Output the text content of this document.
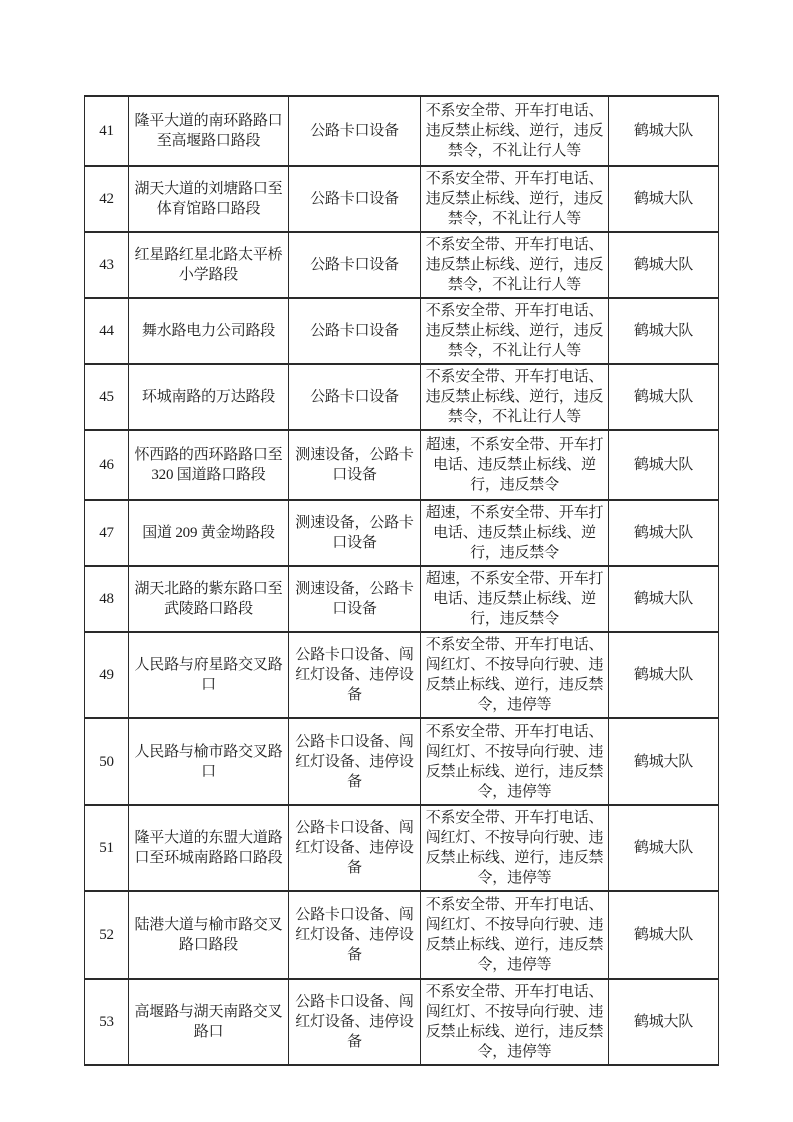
41	隆平大道的南环路路口至高堰路口路段	公路卡口设备	不系安全带、开车打电话、违反禁止标线、逆行，违反禁令，不礼让行人等	鹤城大队
42	湖天大道的刘塘路口至体育馆路口路段	公路卡口设备	不系安全带、开车打电话、违反禁止标线、逆行，违反禁令，不礼让行人等	鹤城大队
43	红星路红星北路太平桥小学路段	公路卡口设备	不系安全带、开车打电话、违反禁止标线、逆行，违反禁令，不礼让行人等	鹤城大队
44	舞水路电力公司路段	公路卡口设备	不系安全带、开车打电话、违反禁止标线、逆行，违反禁令，不礼让行人等	鹤城大队
45	环城南路的万达路段	公路卡口设备	不系安全带、开车打电话、违反禁止标线、逆行，违反禁令，不礼让行人等	鹤城大队
46	怀西路的西环路路口至 320 国道路口路段	测速设备，公路卡口设备	超速，不系安全带、开车打电话、违反禁止标线、逆行，违反禁令	鹤城大队
47	国道 209 黄金坳路段	测速设备，公路卡口设备	超速，不系安全带、开车打电话、违反禁止标线、逆行，违反禁令	鹤城大队
48	湖天北路的紫东路口至武陵路口路段	测速设备，公路卡口设备	超速，不系安全带、开车打电话、违反禁止标线、逆行，违反禁令	鹤城大队
49	人民路与府星路交叉路口	公路卡口设备、闯红灯设备、违停设备	不系安全带、开车打电话、闯红灯、不按导向行驶、违反禁止标线、逆行，违反禁令，违停等	鹤城大队
50	人民路与榆市路交叉路口	公路卡口设备、闯红灯设备、违停设备	不系安全带、开车打电话、闯红灯、不按导向行驶、违反禁止标线、逆行，违反禁令，违停等	鹤城大队
51	隆平大道的东盟大道路口至环城南路路口路段	公路卡口设备、闯红灯设备、违停设备	不系安全带、开车打电话、闯红灯、不按导向行驶、违反禁止标线、逆行，违反禁令，违停等	鹤城大队
52	陆港大道与榆市路交叉路口路段	公路卡口设备、闯红灯设备、违停设备	不系安全带、开车打电话、闯红灯、不按导向行驶、违反禁止标线、逆行，违反禁令，违停等	鹤城大队
53	高堰路与湖天南路交叉路口	公路卡口设备、闯红灯设备、违停设备	不系安全带、开车打电话、闯红灯、不按导向行驶、违反禁止标线、逆行，违反禁令，违停等	鹤城大队
